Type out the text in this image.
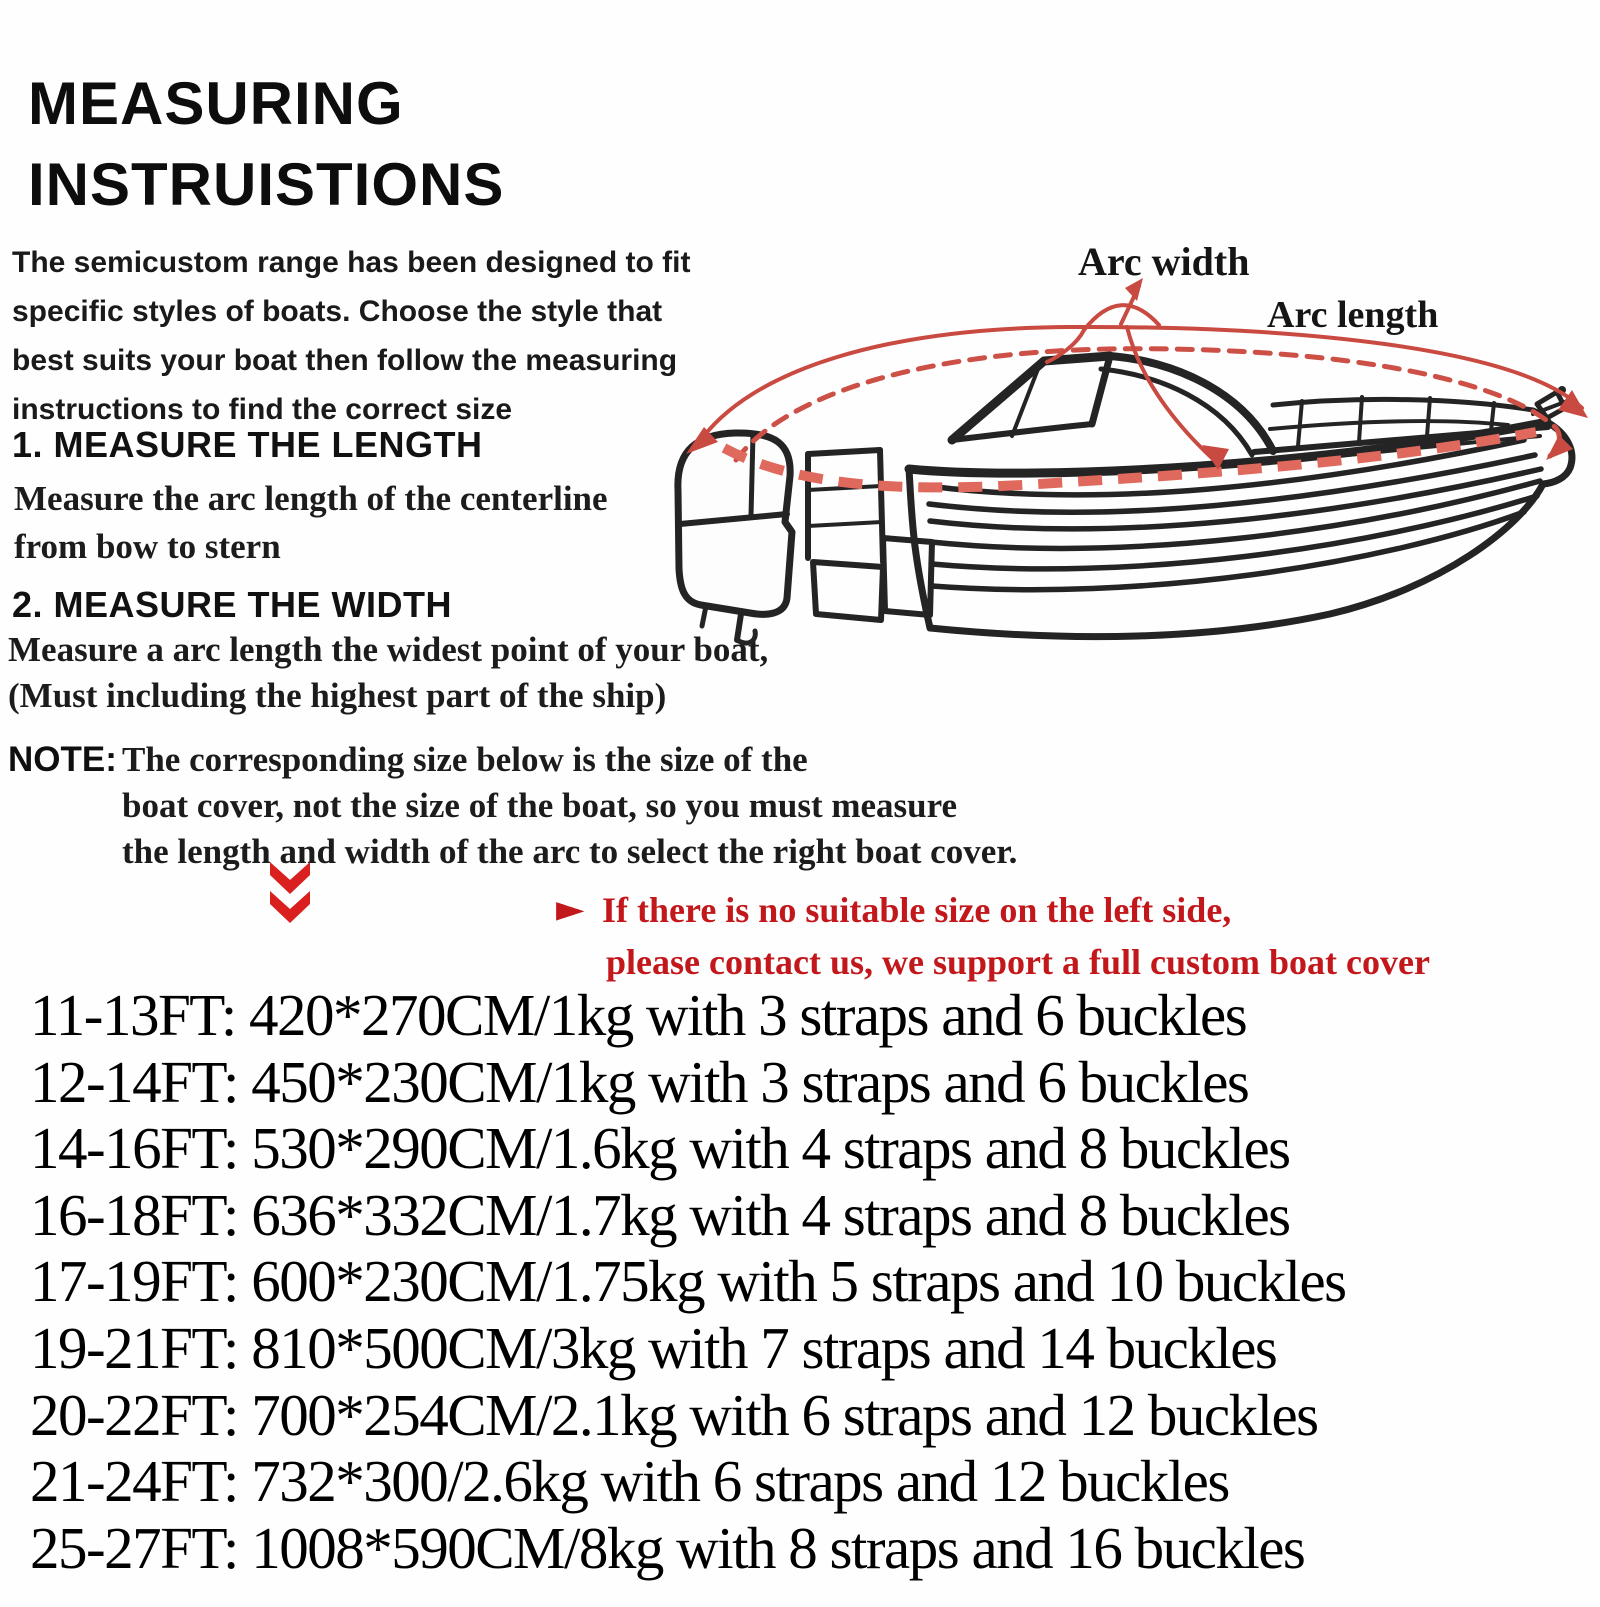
MEASURING
INSTRUISTIONS
The semicustom range has been designed to fit
specific styles of boats. Choose the style that
best suits your boat then follow the measuring
instructions to find the correct size
1. MEASURE THE LENGTH
Measure the arc length of the centerline
from bow to stern
2. MEASURE THE WIDTH
Measure a arc length the widest point of your boat,
(Must including the highest part of the ship)
NOTE: The corresponding size below is the size of the
boat cover, not the size of the boat, so you must measure
the length and width of the arc to select the right boat cover.
► If there is no suitable size on the left side,
please contact us, we support a full custom boat cover
Arc width
Arc length
11-13FT: 420*270CM/1kg with 3 straps and 6 buckles
12-14FT: 450*230CM/1kg with 3 straps and 6 buckles
14-16FT: 530*290CM/1.6kg with 4 straps and 8 buckles
16-18FT: 636*332CM/1.7kg with 4 straps and 8 buckles
17-19FT: 600*230CM/1.75kg with 5 straps and 10 buckles
19-21FT: 810*500CM/3kg with 7 straps and 14 buckles
20-22FT: 700*254CM/2.1kg with 6 straps and 12 buckles
21-24FT: 732*300/2.6kg with 6 straps and 12 buckles
25-27FT: 1008*590CM/8kg with 8 straps and 16 buckles
